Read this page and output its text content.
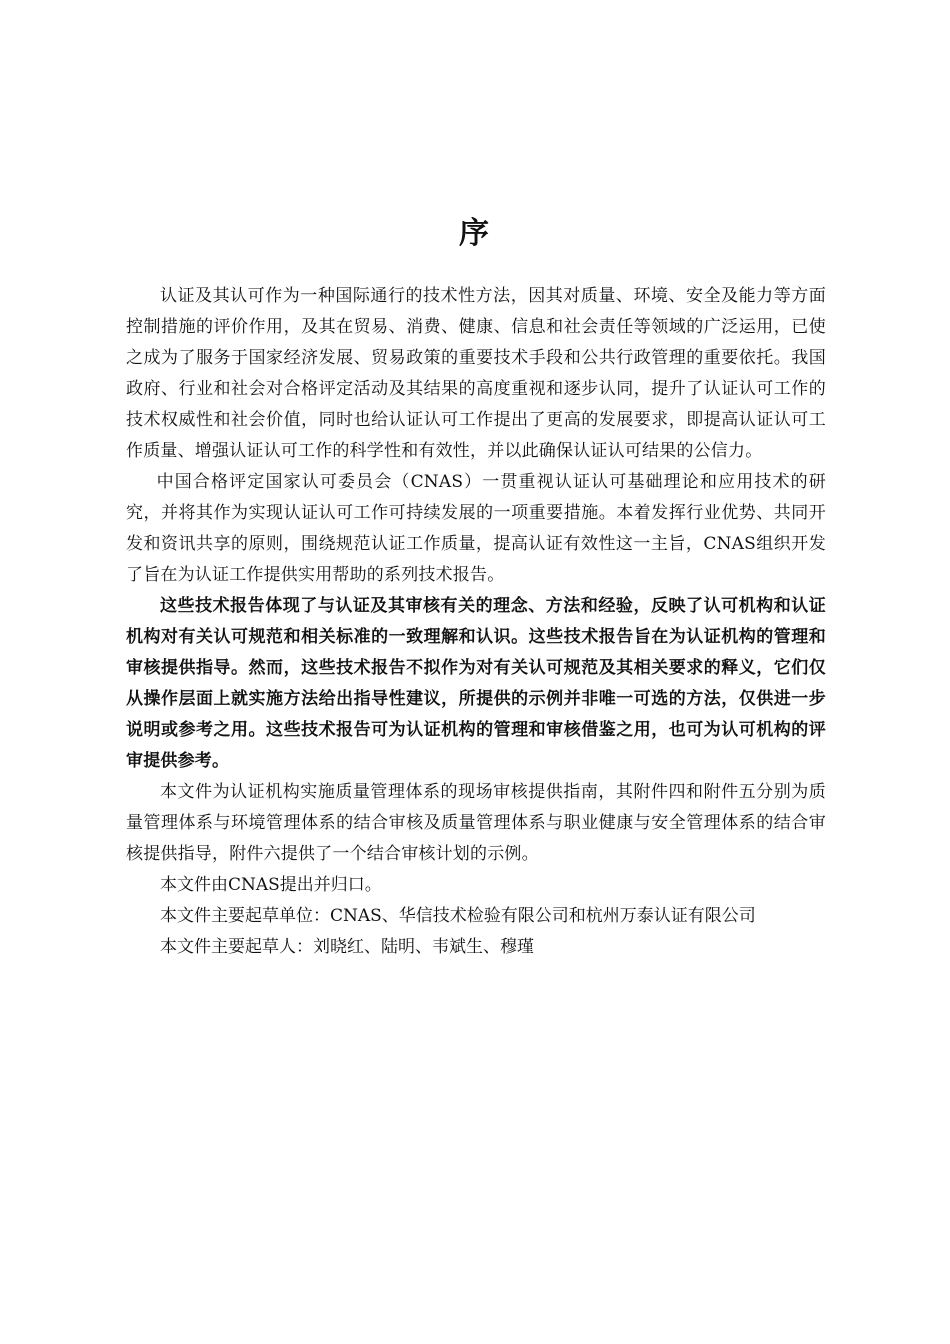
序

认证及其认可作为一种国际通行的技术性方法，因其对质量、环境、安全及能力等方面控制措施的评价作用，及其在贸易、消费、健康、信息和社会责任等领域的广泛运用，已使之成为了服务于国家经济发展、贸易政策的重要技术手段和公共行政管理的重要依托。我国政府、行业和社会对合格评定活动及其结果的高度重视和逐步认同，提升了认证认可工作的技术权威性和社会价值，同时也给认证认可工作提出了更高的发展要求，即提高认证认可工作质量、增强认证认可工作的科学性和有效性，并以此确保认证认可结果的公信力。

中国合格评定国家认可委员会（CNAS）一贯重视认证认可基础理论和应用技术的研究，并将其作为实现认证认可工作可持续发展的一项重要措施。本着发挥行业优势、共同开发和资讯共享的原则，围绕规范认证工作质量，提高认证有效性这一主旨，CNAS组织开发了旨在为认证工作提供实用帮助的系列技术报告。

这些技术报告体现了与认证及其审核有关的理念、方法和经验，反映了认可机构和认证机构对有关认可规范和相关标准的一致理解和认识。这些技术报告旨在为认证机构的管理和审核提供指导。然而，这些技术报告不拟作为对有关认可规范及其相关要求的释义，它们仅从操作层面上就实施方法给出指导性建议，所提供的示例并非唯一可选的方法，仅供进一步说明或参考之用。这些技术报告可为认证机构的管理和审核借鉴之用，也可为认可机构的评审提供参考。

本文件为认证机构实施质量管理体系的现场审核提供指南，其附件四和附件五分别为质量管理体系与环境管理体系的结合审核及质量管理体系与职业健康与安全管理体系的结合审核提供指导，附件六提供了一个结合审核计划的示例。

本文件由CNAS提出并归口。

本文件主要起草单位：CNAS、华信技术检验有限公司和杭州万泰认证有限公司

本文件主要起草人：刘晓红、陆明、韦斌生、穆瑾
